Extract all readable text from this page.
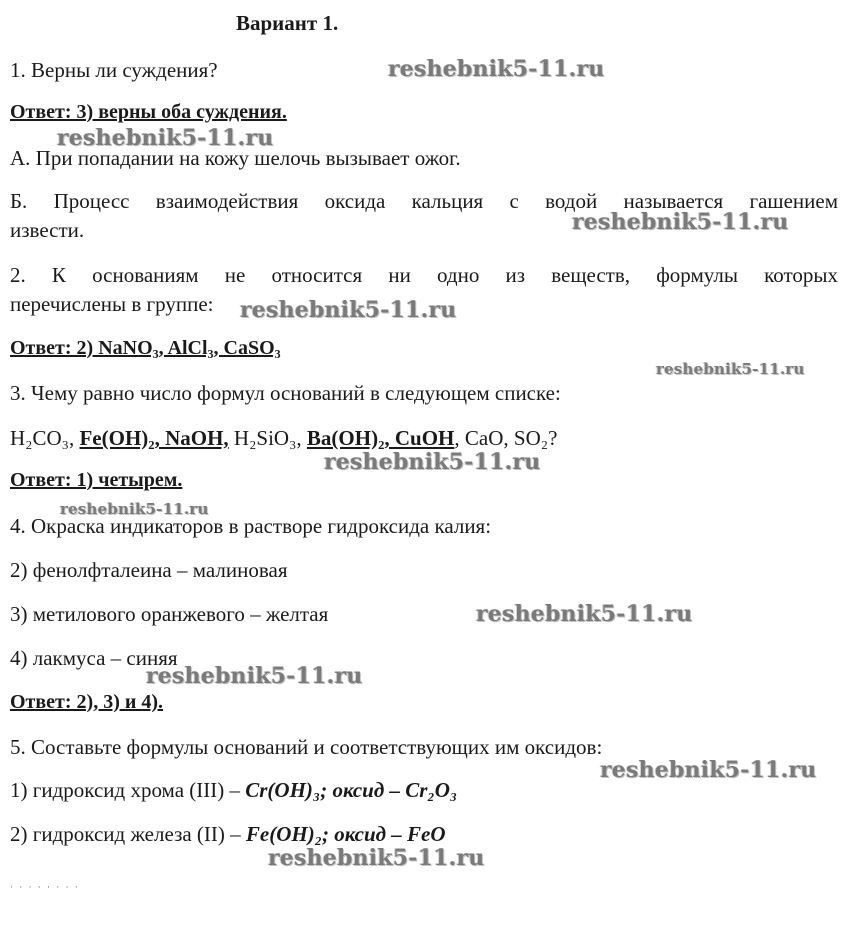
Вариант 1.
1. Верны ли суждения?
Ответ: 3) верны оба суждения.
А. При попадании на кожу шелочь вызывает ожог.
Б. Процесс взаимодействия оксида кальция с водой называется гашением
извести.
2. К основаниям не относится ни одно из веществ, формулы которых
перечислены в группе:
Ответ: 2) NaNO₃, AlCl₃, CaSO₃
3. Чему равно число формул оснований в следующем списке:
H₂CO₃, Fe(OH)₂, NaOH, H₂SiO₃, Ba(OH)₂, CuOH, CaO, SO₂?
Ответ: 1) четырем.
4. Окраска индикаторов в растворе гидроксида калия:
2) фенолфталеина – малиновая
3) метилового оранжевого – желтая
4) лакмуса – синяя
Ответ: 2), 3) и 4).
5. Составьте формулы оснований и соответствующих им оксидов:
1) гидроксид хрома (III) – Cr(OH)₃; оксид – Cr₂O₃
2) гидроксид железа (II) – Fe(OH)₂; оксид – FeO
· · · · · · · ·
reshebnik5-11.ru
reshebnik5-11.ru
reshebnik5-11.ru
reshebnik5-11.ru
reshebnik5-11.ru
reshebnik5-11.ru
reshebnik5-11.ru
reshebnik5-11.ru
reshebnik5-11.ru
reshebnik5-11.ru
reshebnik5-11.ru
